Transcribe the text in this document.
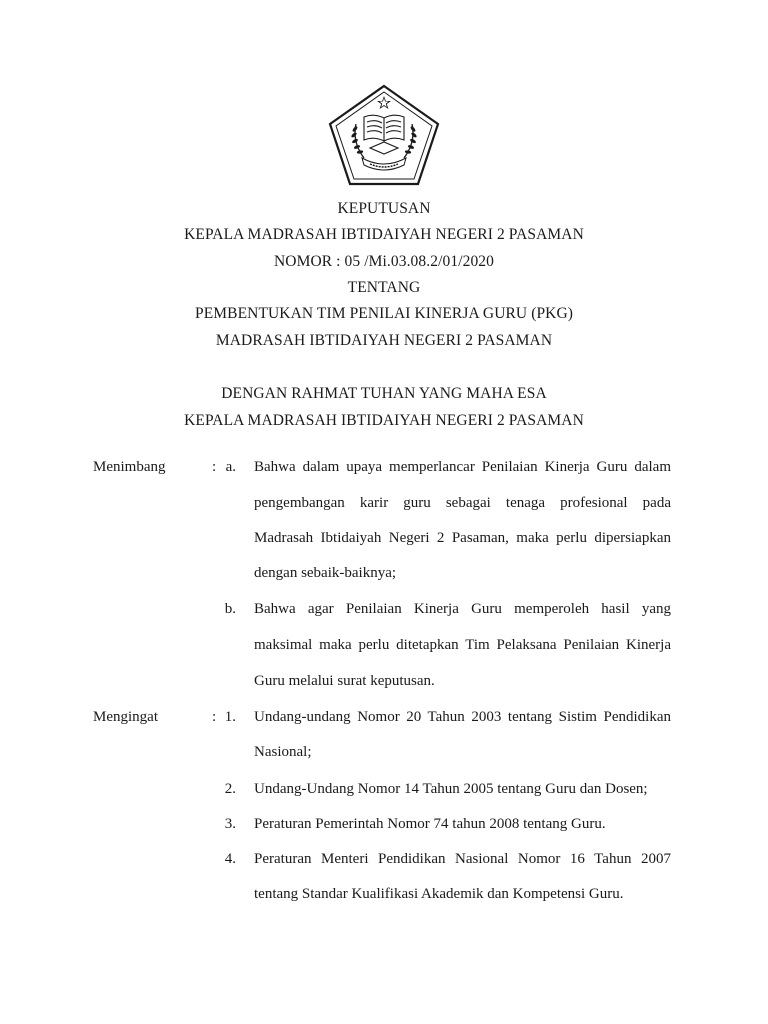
KEPUTUSAN
KEPALA MADRASAH IBTIDAIYAH NEGERI 2 PASAMAN
NOMOR : 05 /Mi.03.08.2/01/2020
TENTANG
PEMBENTUKAN TIM PENILAI KINERJA GURU (PKG)
MADRASAH IBTIDAIYAH NEGERI 2 PASAMAN
DENGAN RAHMAT TUHAN YANG MAHA ESA
KEPALA MADRASAH IBTIDAIYAH NEGERI 2 PASAMAN
Menimbang	: a. Bahwa dalam upaya memperlancar Penilaian Kinerja Guru dalam
pengembangan karir guru sebagai tenaga profesional pada
Madrasah Ibtidaiyah Negeri 2 Pasaman, maka perlu dipersiapkan
dengan sebaik-baiknya;
b. Bahwa agar Penilaian Kinerja Guru memperoleh hasil yang
maksimal maka perlu ditetapkan Tim Pelaksana Penilaian Kinerja
Guru melalui surat keputusan.
Mengingat	: 1. Undang-undang Nomor 20 Tahun 2003 tentang Sistim Pendidikan
Nasional;
2. Undang-Undang Nomor 14 Tahun 2005 tentang Guru dan Dosen;
3. Peraturan Pemerintah Nomor 74 tahun 2008 tentang Guru.
4. Peraturan Menteri Pendidikan Nasional Nomor 16 Tahun 2007
tentang Standar Kualifikasi Akademik dan Kompetensi Guru.
